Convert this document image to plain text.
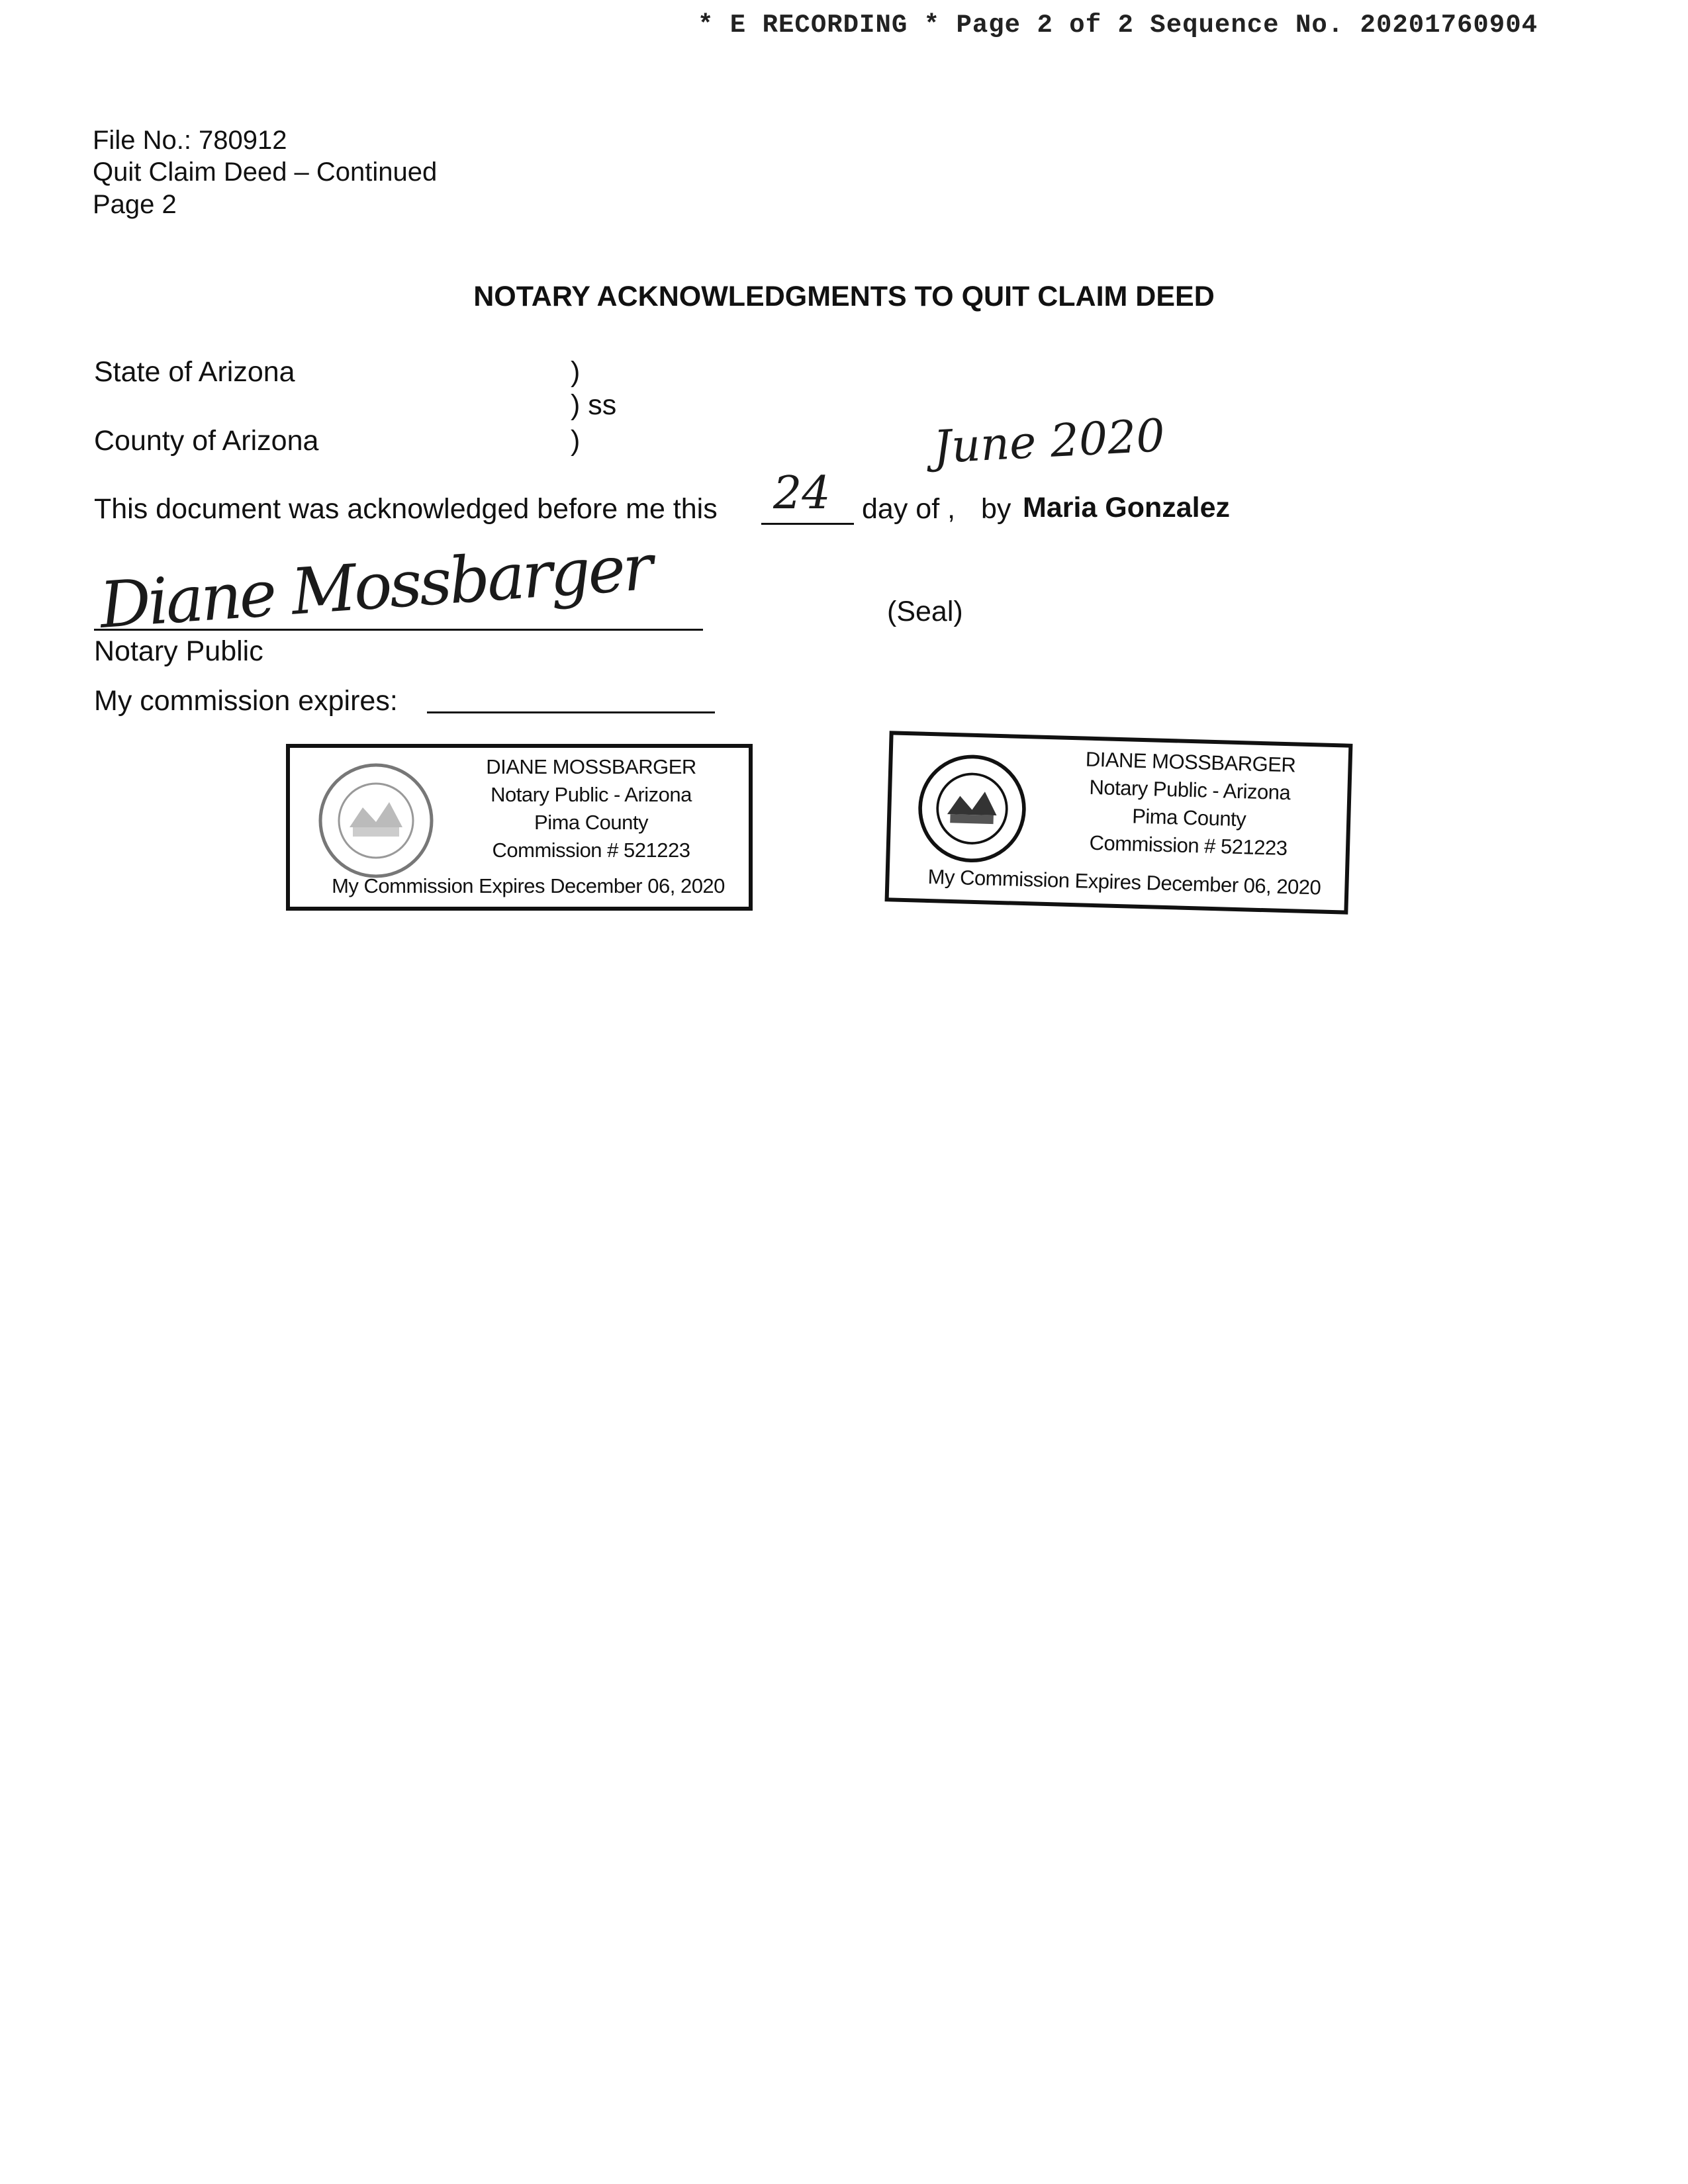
* E RECORDING * Page 2 of 2 Sequence No. 20201760904
File No.: 780912
Quit Claim Deed – Continued
Page 2
NOTARY ACKNOWLEDGMENTS TO QUIT CLAIM DEED
State of Arizona	)
) ss
County of Arizona	)	June 2020
This document was acknowledged before me this 24 day of , by Maria Gonzalez
Diane Mossbarger	(Seal)
Notary Public
My commission expires:
DIANE MOSSBARGER
Notary Public - Arizona
Pima County
Commission # 521223
My Commission Expires December 06, 2020
DIANE MOSSBARGER
Notary Public - Arizona
Pima County
Commission # 521223
My Commission Expires December 06, 2020
